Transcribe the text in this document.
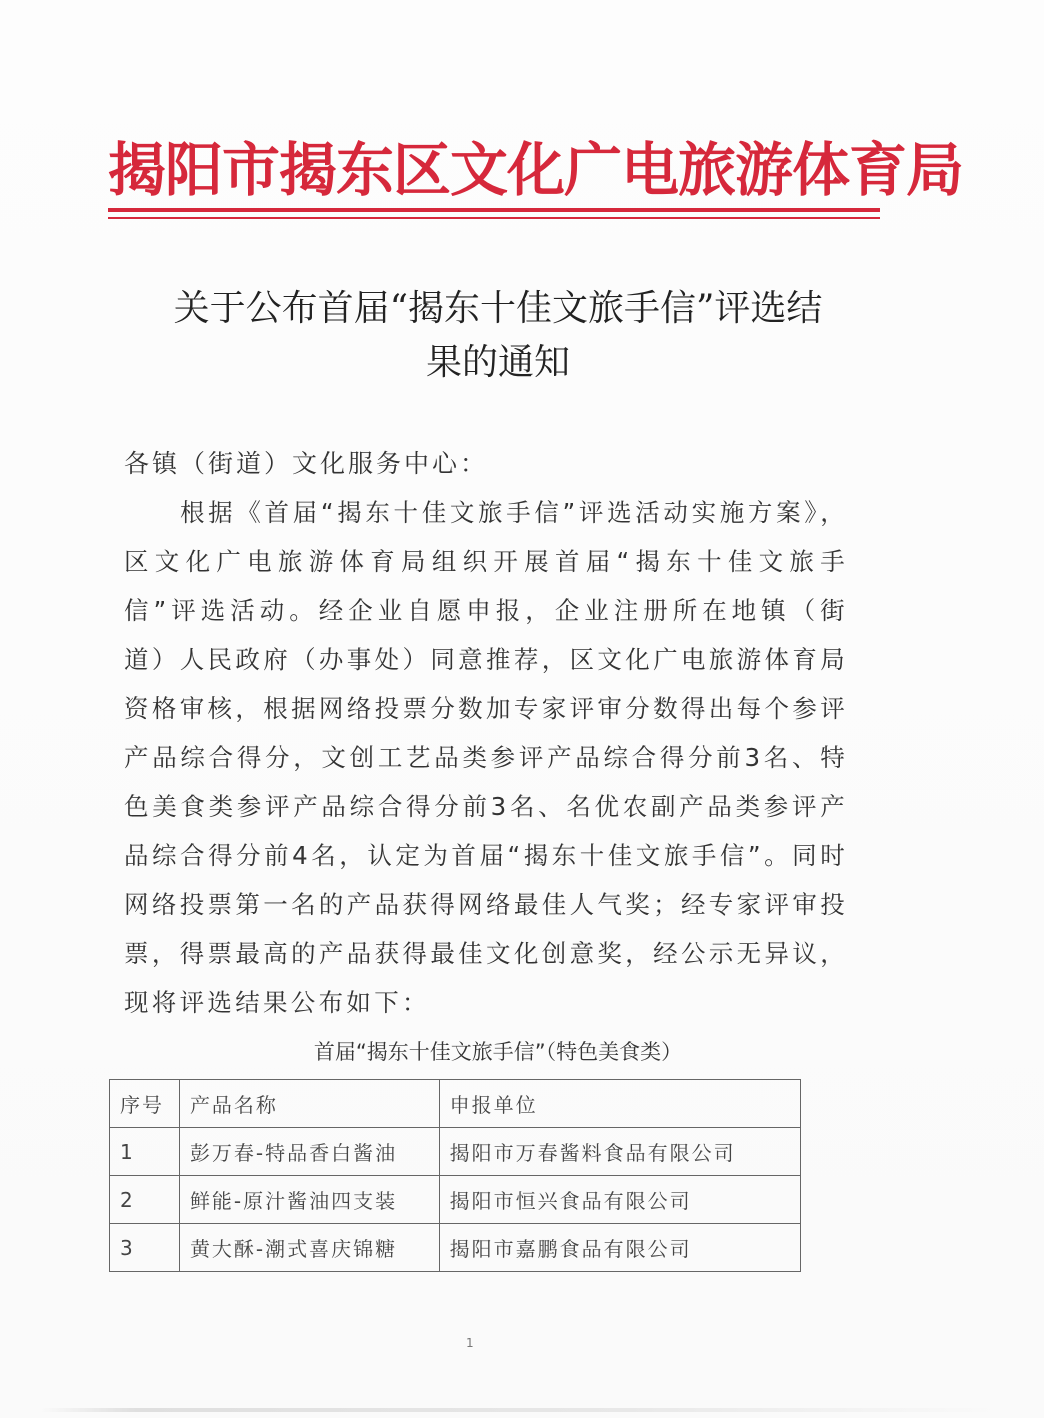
揭阳市揭东区文化广电旅游体育局
关于公布首届“揭东十佳文旅手信”评选结
果的通知
各镇（街道）文化服务中心：
根据《首届“揭东十佳文旅手信”评选活动实施方案》，区文化广电旅游体育局组织开展首届“揭东十佳文旅手信”评选活动。经企业自愿申报，企业注册所在地镇（街道）人民政府（办事处）同意推荐，区文化广电旅游体育局资格审核，根据网络投票分数加专家评审分数得出每个参评产品综合得分，文创工艺品类参评产品综合得分前3名、特色美食类参评产品综合得分前3名、名优农副产品类参评产品综合得分前4名，认定为首届“揭东十佳文旅手信”。同时网络投票第一名的产品获得网络最佳人气奖；经专家评审投票，得票最高的产品获得最佳文化创意奖，经公示无异议，现将评选结果公布如下：
首届“揭东十佳文旅手信”（特色美食类）
序号	产品名称	申报单位
1	彭万春-特品香白酱油	揭阳市万春酱料食品有限公司
2	鲜能-原汁酱油四支装	揭阳市恒兴食品有限公司
3	黄大酥-潮式喜庆锦糖	揭阳市嘉鹏食品有限公司
1
